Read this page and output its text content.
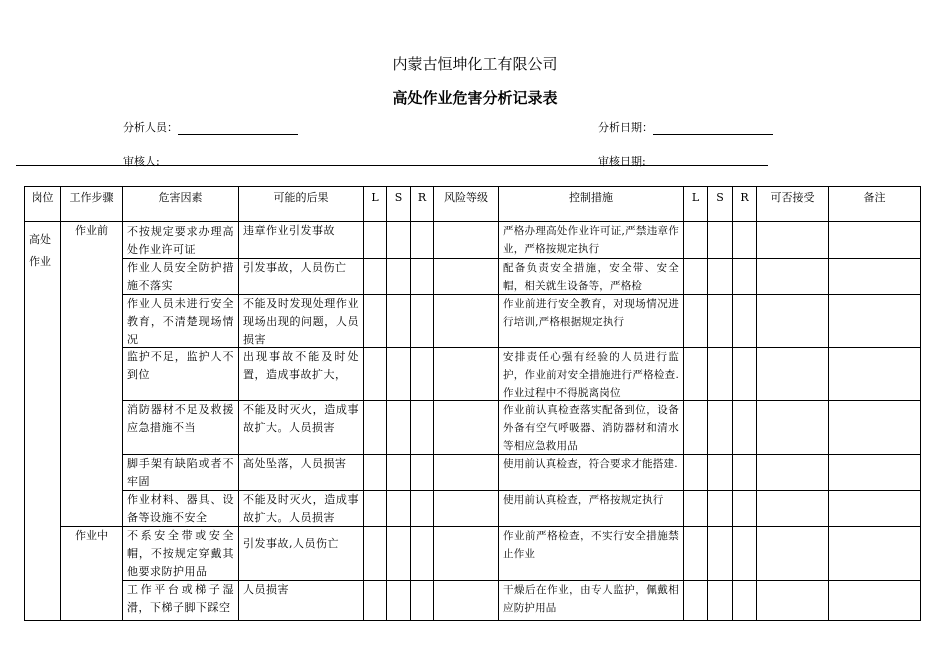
内蒙古恒坤化工有限公司
高处作业危害分析记录表
分析人员：	分析日期：
审核人:	审核日期:
岗位	工作步骤	危害因素	可能的后果	L	S	R	风险等级	控制措施	L	S	R	可否接受	备注

高处作业	作业前	不按规定要求办理高处作业许可证	违章作业引发事故					严格办理高处作业许可证,严禁违章作业，严格按规定执行					

		作业人员安全防护措施不落实	引发事故，人员伤亡					配备负责安全措施，安全带、安全帽，相关就生设备等，严格检					

		作业人员未进行安全教育，不清楚现场情况	不能及时发现处理作业现场出现的问题，人员损害					作业前进行安全教育，对现场情况进行培训,严格根据规定执行					

		监护不足，监护人不到位	出现事故不能及时处置，造成事故扩大，					安排责任心强有经验的人员进行监护，作业前对安全措施进行严格检查.作业过程中不得脱离岗位					

		消防器材不足及救援应急措施不当	不能及时灭火，造成事故扩大。人员损害					作业前认真检查落实配备到位，设备外备有空气呼吸器、消防器材和清水等相应急救用品					

		脚手架有缺陷或者不牢固	高处坠落，人员损害					使用前认真检查，符合要求才能搭建.					

		作业材料、器具、设备等设施不安全	不能及时灭火，造成事故扩大。人员损害					使用前认真检查，严格按规定执行					

	作业中	不系安全带或安全帽，不按规定穿戴其他要求防护用品	引发事故,人员伤亡					作业前严格检查，不实行安全措施禁止作业					

		工作平台或梯子湿滑，下梯子脚下踩空	人员损害					干燥后在作业，由专人监护，佩戴相应防护用品					
